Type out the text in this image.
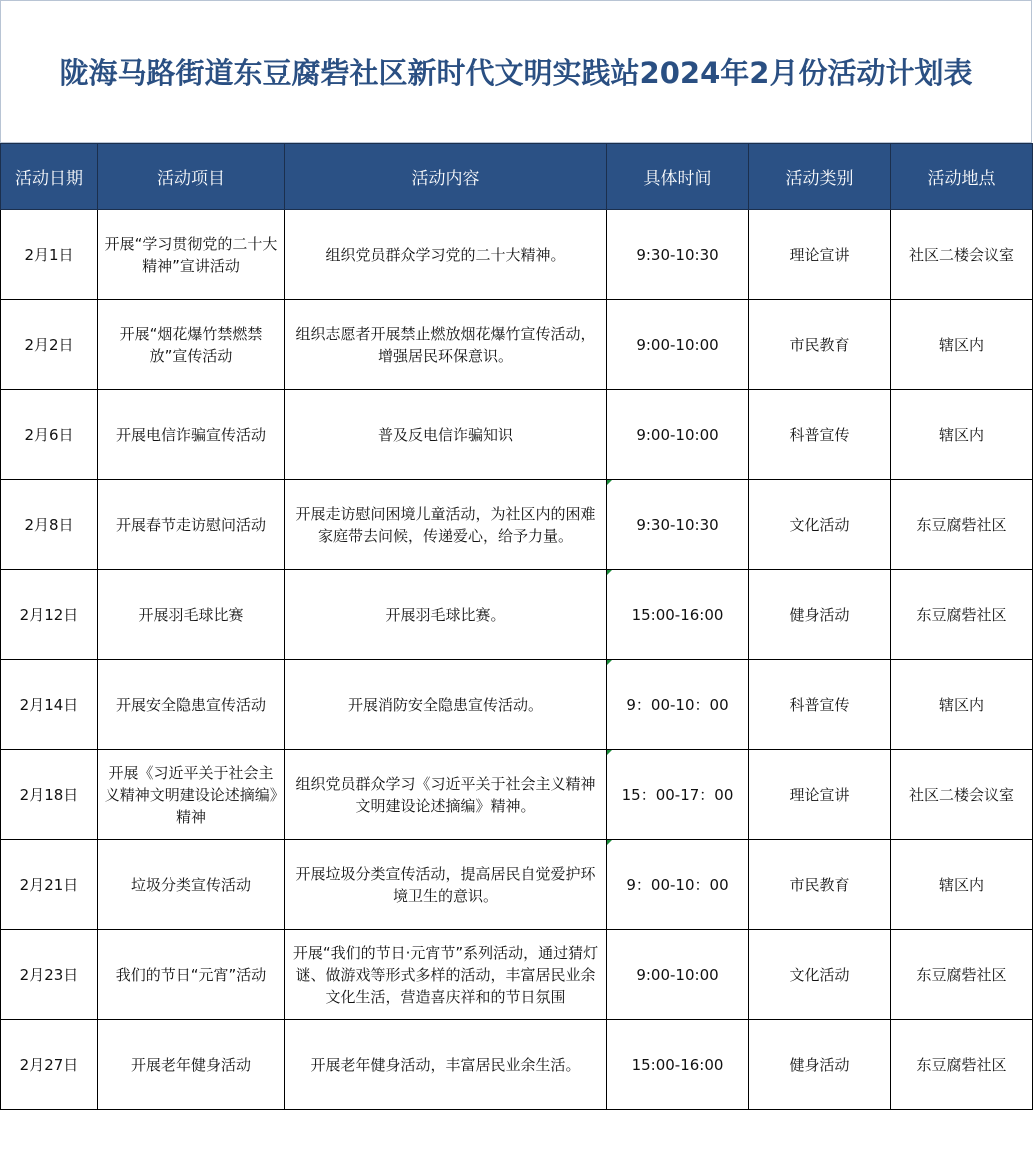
陇海马路街道东豆腐砦社区新时代文明实践站2024年2月份活动计划表
活动日期	活动项目	活动内容	具体时间	活动类别	活动地点
2月1日	开展“学习贯彻党的二十大精神”宣讲活动	组织党员群众学习党的二十大精神。	9:30-10:30	理论宣讲	社区二楼会议室
2月2日	开展“烟花爆竹禁燃禁放”宣传活动	组织志愿者开展禁止燃放烟花爆竹宣传活动，增强居民环保意识。	9:00-10:00	市民教育	辖区内
2月6日	开展电信诈骗宣传活动	普及反电信诈骗知识	9:00-10:00	科普宣传	辖区内
2月8日	开展春节走访慰问活动	开展走访慰问困境儿童活动，为社区内的困难家庭带去问候，传递爱心，给予力量。	9:30-10:30	文化活动	东豆腐砦社区
2月12日	开展羽毛球比赛	开展羽毛球比赛。	15:00-16:00	健身活动	东豆腐砦社区
2月14日	开展安全隐患宣传活动	开展消防安全隐患宣传活动。	9：00-10：00	科普宣传	辖区内
2月18日	开展《习近平关于社会主义精神文明建设论述摘编》精神	组织党员群众学习《习近平关于社会主义精神文明建设论述摘编》精神。	15：00-17：00	理论宣讲	社区二楼会议室
2月21日	垃圾分类宣传活动	开展垃圾分类宣传活动，提高居民自觉爱护环境卫生的意识。	9：00-10：00	市民教育	辖区内
2月23日	我们的节日“元宵”活动	开展“我们的节日·元宵节”系列活动，通过猜灯谜、做游戏等形式多样的活动，丰富居民业余文化生活，营造喜庆祥和的节日氛围	9:00-10:00	文化活动	东豆腐砦社区
2月27日	开展老年健身活动	开展老年健身活动，丰富居民业余生活。	15:00-16:00	健身活动	东豆腐砦社区
